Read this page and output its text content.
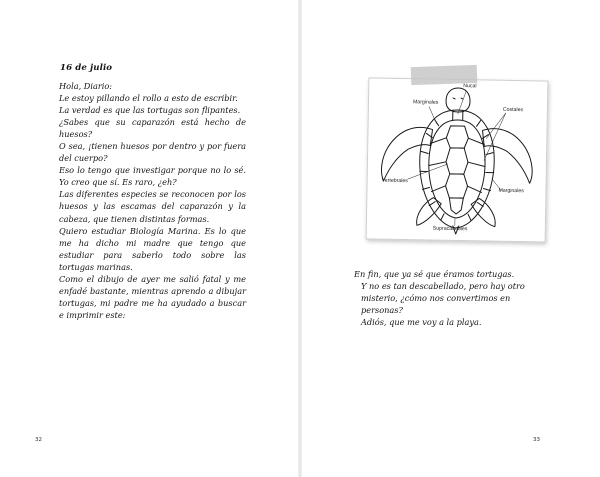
16 de julio

Hola, Diario:

Le estoy pillando el rollo a esto de escribir.

La verdad es que las tortugas son flipantes.

¿Sabes que su caparazón está hecho de huesos?

O sea, ¡tienen huesos por dentro y por fuera del cuerpo?

Eso lo tengo que investigar porque no lo sé. Yo creo que sí. Es raro, ¿eh?

Las diferentes especies se reconocen por los huesos y las escamas del caparazón y la cabeza, que tienen distintas formas.

Quiero estudiar Biología Marina. Es lo que me ha dicho mi madre que tengo que estudiar para saberlo todo sobre las tortugas marinas.

Como el dibujo de ayer me salió fatal y me enfadé bastante, mientras aprendo a dibujar tortugas, mi padre me ha ayudado a buscar e imprimir este:

32	33
Nucal
Marginales
Costales
Vertebrales
Marginales
Supracaudales

En fin, que ya sé que éramos tortugas.

Y no es tan descabellado, pero hay otro misterio, ¿cómo nos convertimos en personas?

Adiós, que me voy a la playa.
